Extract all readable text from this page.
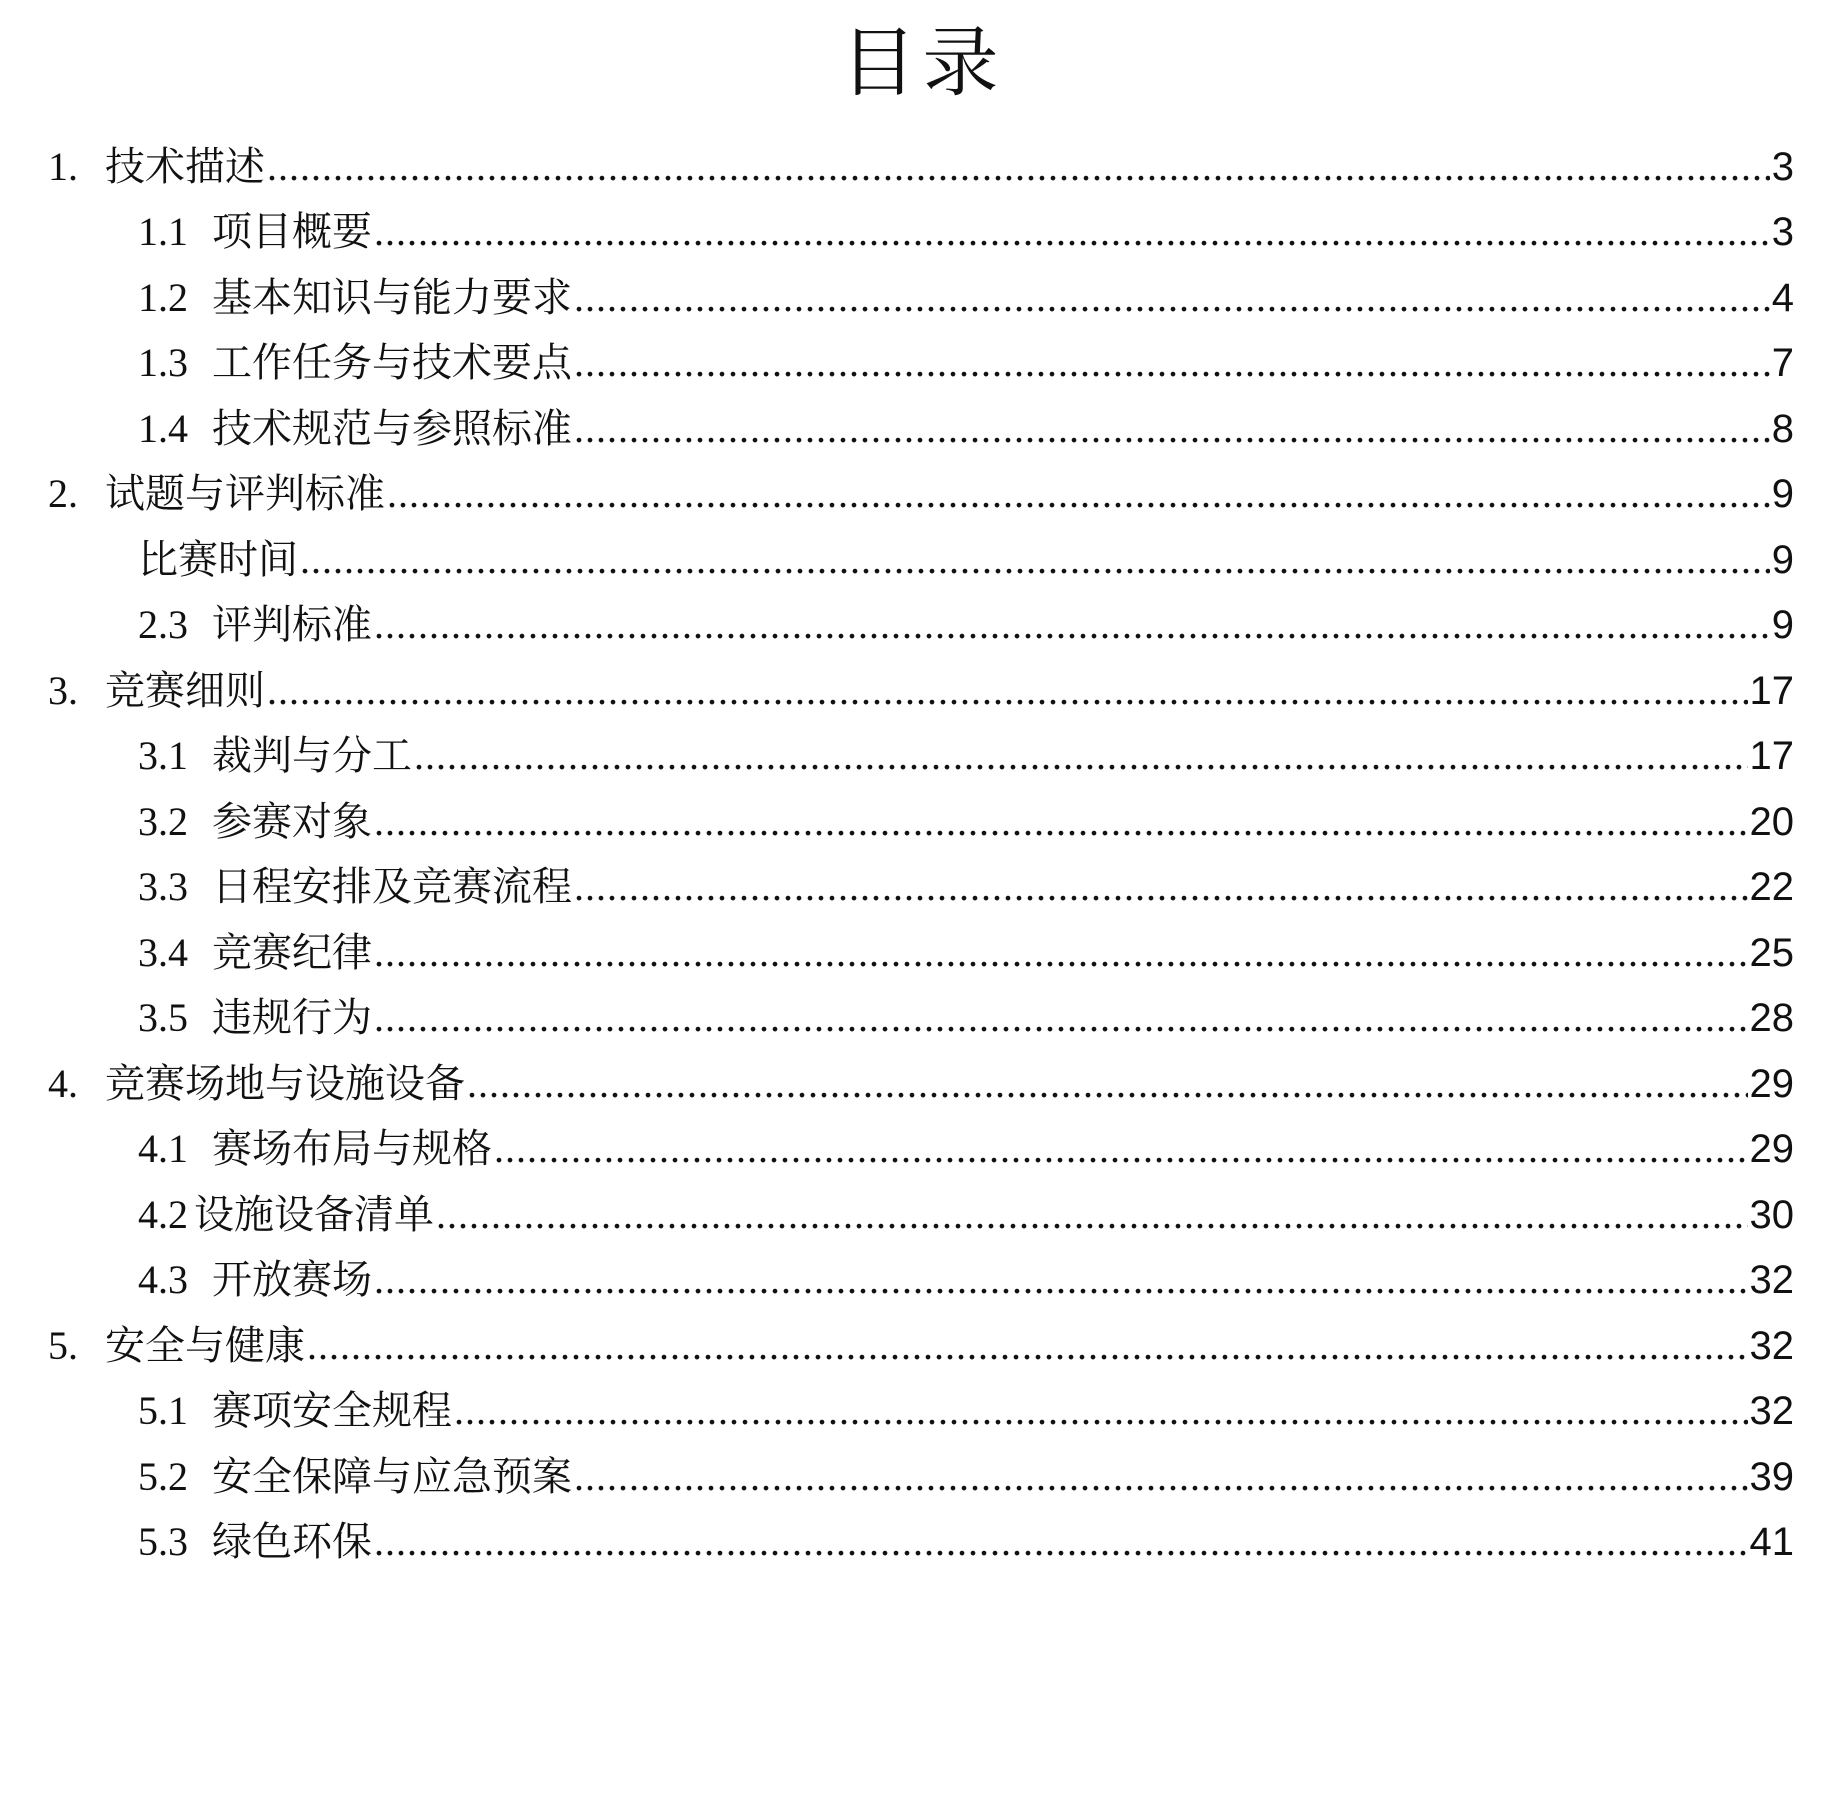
目录
1. 技术描述 .....	3
1.1 项目概要 .....	3
1.2 基本知识与能力要求 .....	4
1.3 工作任务与技术要点 .....	7
1.4 技术规范与参照标准 .....	8
2. 试题与评判标准 .....	9
比赛时间 .....	9
2.3 评判标准 .....	9
3. 竞赛细则 .....	17
3.1 裁判与分工 .....	17
3.2 参赛对象 .....	20
3.3 日程安排及竞赛流程 .....	22
3.4 竞赛纪律 .....	25
3.5 违规行为 .....	28
4. 竞赛场地与设施设备 .....	29
4.1 赛场布局与规格 .....	29
4.2 设施设备清单 .....	30
4.3 开放赛场 .....	32
5. 安全与健康 .....	32
5.1 赛项安全规程 .....	32
5.2 安全保障与应急预案 .....	39
5.3 绿色环保 .....	41
